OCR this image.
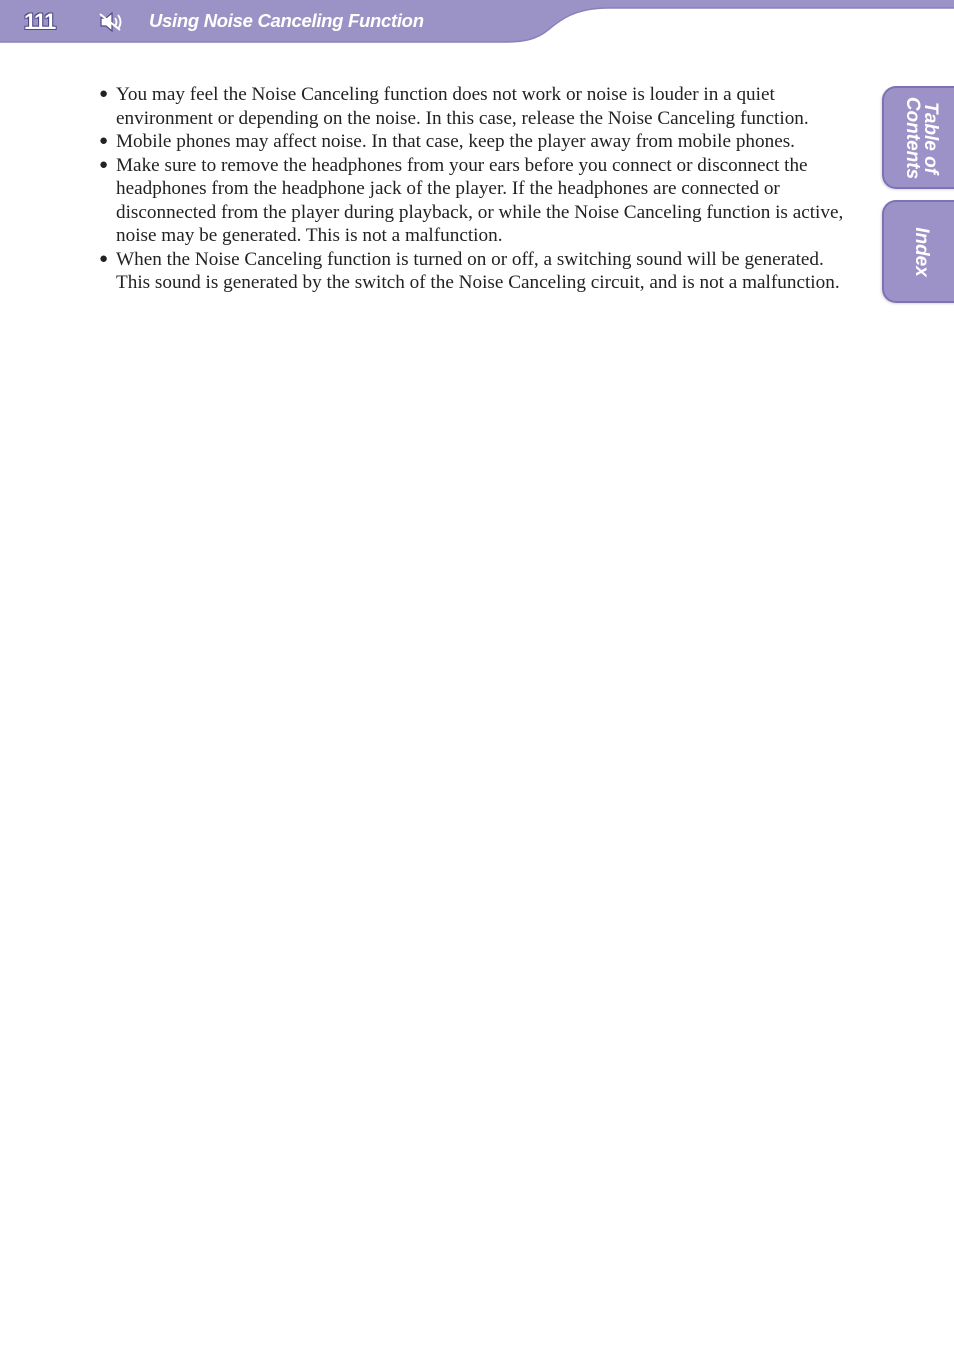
111	Using Noise Canceling Function
Table of
Contents
Index
● You may feel the Noise Canceling function does not work or noise is louder in a quiet environment or depending on the noise. In this case, release the Noise Canceling function.
● Mobile phones may affect noise. In that case, keep the player away from mobile phones.
● Make sure to remove the headphones from your ears before you connect or disconnect the headphones from the headphone jack of the player. If the headphones are connected or disconnected from the player during playback, or while the Noise Canceling function is active, noise may be generated. This is not a malfunction.
● When the Noise Canceling function is turned on or off, a switching sound will be generated. This sound is generated by the switch of the Noise Canceling circuit, and is not a malfunction.
